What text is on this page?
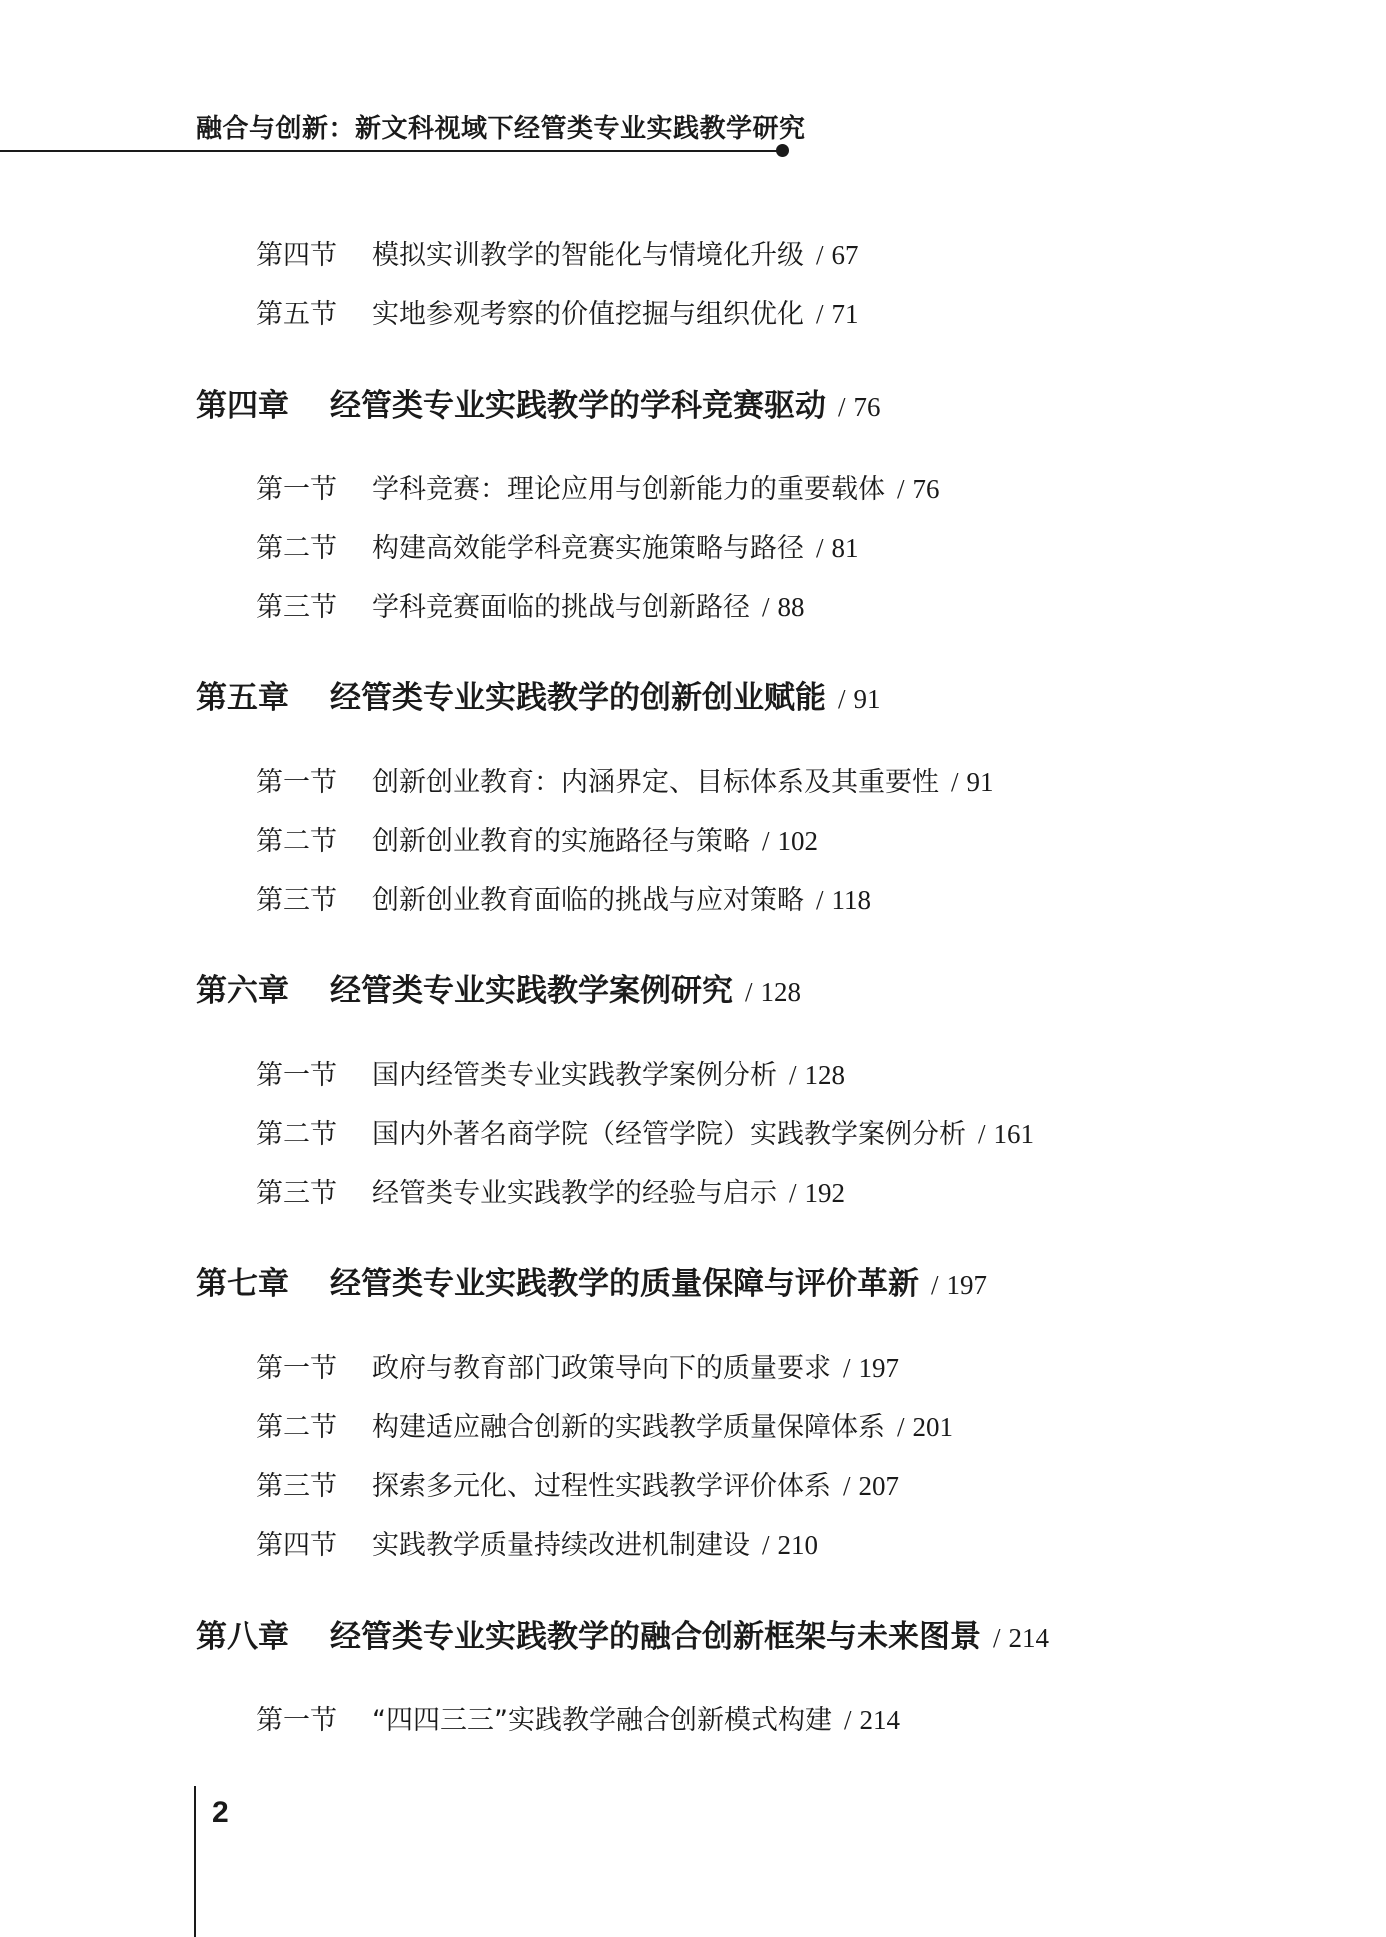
融合与创新：新文科视域下经管类专业实践教学研究
第四节 模拟实训教学的智能化与情境化升级 / 67
第五节 实地参观考察的价值挖掘与组织优化 / 71
第四章 经管类专业实践教学的学科竞赛驱动 / 76
第一节 学科竞赛：理论应用与创新能力的重要载体 / 76
第二节 构建高效能学科竞赛实施策略与路径 / 81
第三节 学科竞赛面临的挑战与创新路径 / 88
第五章 经管类专业实践教学的创新创业赋能 / 91
第一节 创新创业教育：内涵界定、目标体系及其重要性 / 91
第二节 创新创业教育的实施路径与策略 / 102
第三节 创新创业教育面临的挑战与应对策略 / 118
第六章 经管类专业实践教学案例研究 / 128
第一节 国内经管类专业实践教学案例分析 / 128
第二节 国内外著名商学院（经管学院）实践教学案例分析 / 161
第三节 经管类专业实践教学的经验与启示 / 192
第七章 经管类专业实践教学的质量保障与评价革新 / 197
第一节 政府与教育部门政策导向下的质量要求 / 197
第二节 构建适应融合创新的实践教学质量保障体系 / 201
第三节 探索多元化、过程性实践教学评价体系 / 207
第四节 实践教学质量持续改进机制建设 / 210
第八章 经管类专业实践教学的融合创新框架与未来图景 / 214
第一节 “四四三三”实践教学融合创新模式构建 / 214
2
